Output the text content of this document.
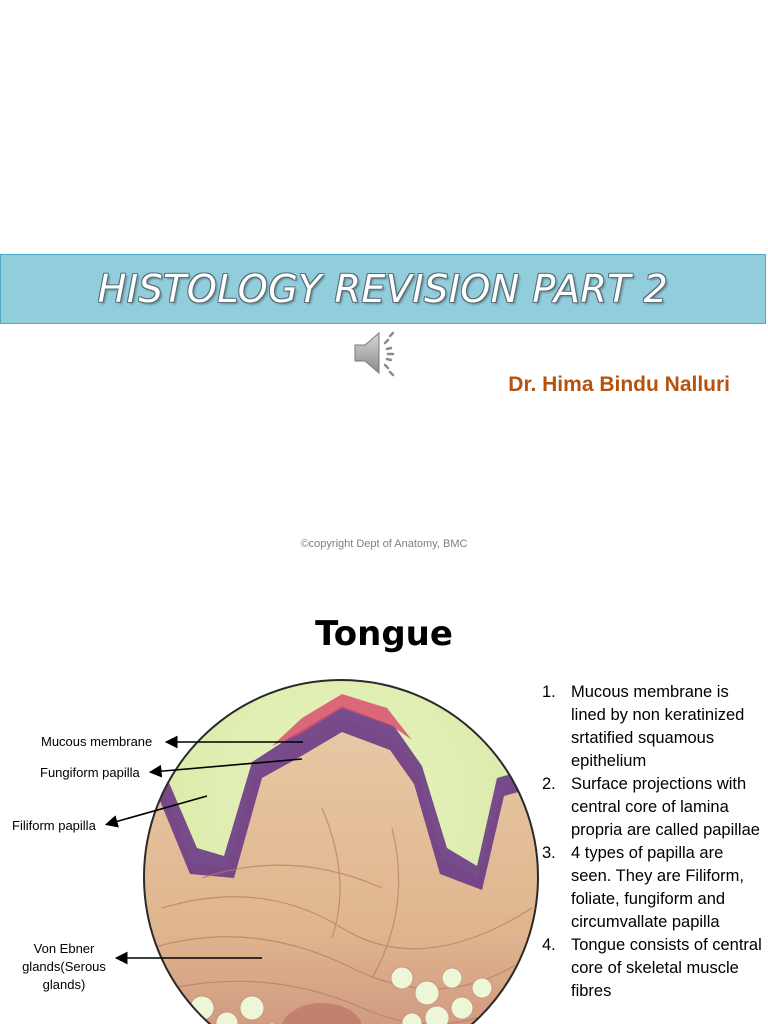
HISTOLOGY REVISION PART 2
Dr. Hima Bindu Nalluri
©copyright Dept of Anatomy, BMC
Tongue
Mucous membrane
Fungiform papilla
Filiform papilla
Von Ebner
glands(Serous
glands)
1. Mucous membrane is lined by non keratinized srtatified squamous epithelium
2. Surface projections with central core of lamina propria are called papillae
3. 4 types of papilla are seen. They are Filiform, foliate, fungiform and circumvallate papilla
4. Tongue consists of central core of skeletal muscle fibres
